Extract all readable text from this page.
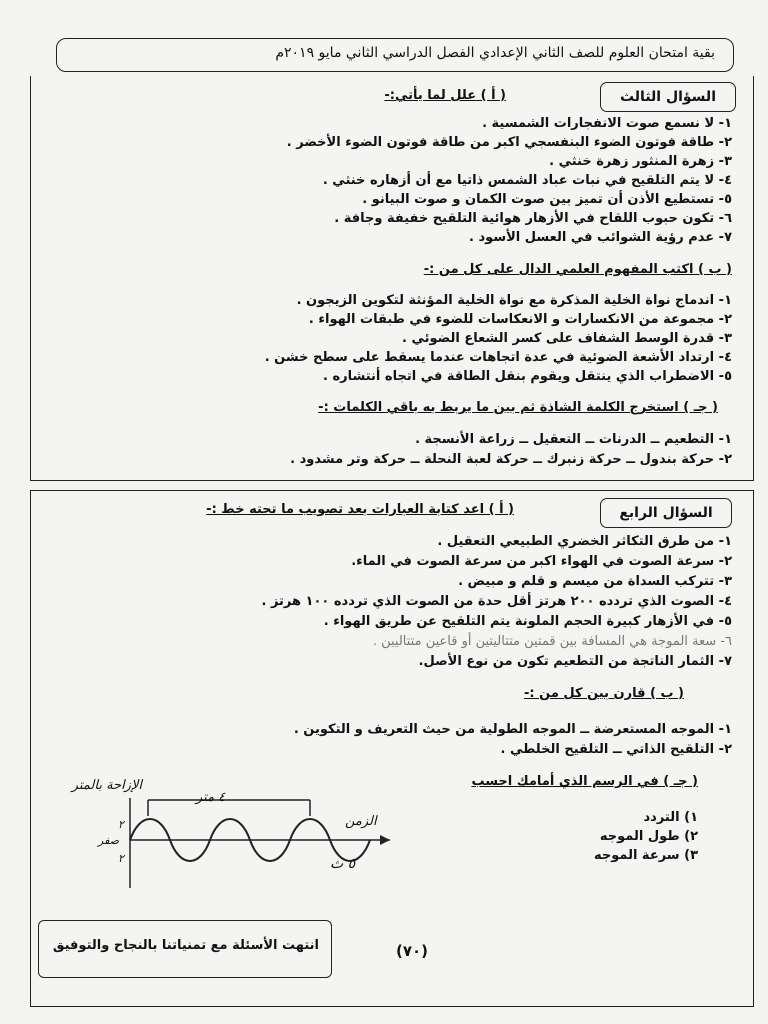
بقية امتحان العلوم للصف الثاني الإعدادي الفصل الدراسي الثاني مايو ٢٠١٩م
السؤال الثالث
( أ ) علل لما يأتي:-
١- لا نسمع صوت الانفجارات الشمسية .
٢- طاقة فوتون الضوء البنفسجي اكبر من طاقة فوتون الضوء الأخضر .
٣- زهرة المنثور زهرة خنثي .
٤- لا يتم التلقيح في نبات عباد الشمس ذاتيا مع أن أزهاره خنثي .
٥- تستطيع الأذن أن تميز بين صوت الكمان و صوت البيانو .
٦- تكون حبوب اللقاح في الأزهار هوائية التلقيح خفيفة وجافة .
٧- عدم رؤية الشوائب في العسل الأسود .
( ب ) اكتب المفهوم العلمي الدال على كل من :-
١- اندماج نواة الخلية المذكرة مع نواة الخلية المؤنثة لتكوين الزيجون .
٢- مجموعة من الانكسارات و الانعكاسات للضوء في طبقات الهواء .
٣- قدرة الوسط الشفاف على كسر الشعاع الضوئي .
٤- ارتداد الأشعة الضوئية في عدة اتجاهات عندما يسقط على سطح خشن .
٥- الاضطراب الذي ينتقل ويقوم بنقل الطاقة في اتجاه أنتشاره .
( جـ ) استخرج الكلمة الشاذة ثم بين ما يربط به باقي الكلمات :-
١- التطعيم ــ الدرنات ــ التعقيل ــ زراعة الأنسجة .
٢- حركة بندول ــ حركة زنبرك ــ حركة لعبة النحلة ــ حركة وتر مشدود .
السؤال الرابع
( أ ) اعد كتابة العبارات بعد تصويب ما تحته خط :-
١- من طرق التكاثر الخضري الطبيعي التعقيل .
٢- سرعة الصوت في الهواء اكبر من سرعة الصوت في الماء.
٣- تتركب السداة من ميسم و قلم و مبيض .
٤- الصوت الذي تردده ٢٠٠ هرتز أقل حدة من الصوت الذي تردده ١٠٠ هرتز .
٥- في الأزهار كبيرة الحجم الملونة يتم التلقيح عن طريق الهواء .
٦- سعة الموجة هي المسافة بين قمتين متتاليتين أو قاعين متتاليين .
٧- الثمار الناتجة من التطعيم تكون من نوع الأصل.
( ب ) قارن بين كل من :-
١- الموجه المستعرضة ــ الموجه الطولية من حيث التعريف و التكوين .
٢- التلقيح الذاتي ــ التلقيح الخلطي .
( جـ ) في الرسم الذي أمامك احسب
١) التردد
٢) طول الموجه
٣) سرعة الموجه
الإزاحة بالمتر
٤ متر
الزمن
٢
صفر
٢	٥ ث
انتهت الأسئلة مع تمنياتنا بالنجاح والتوفيق	(٧٠)
